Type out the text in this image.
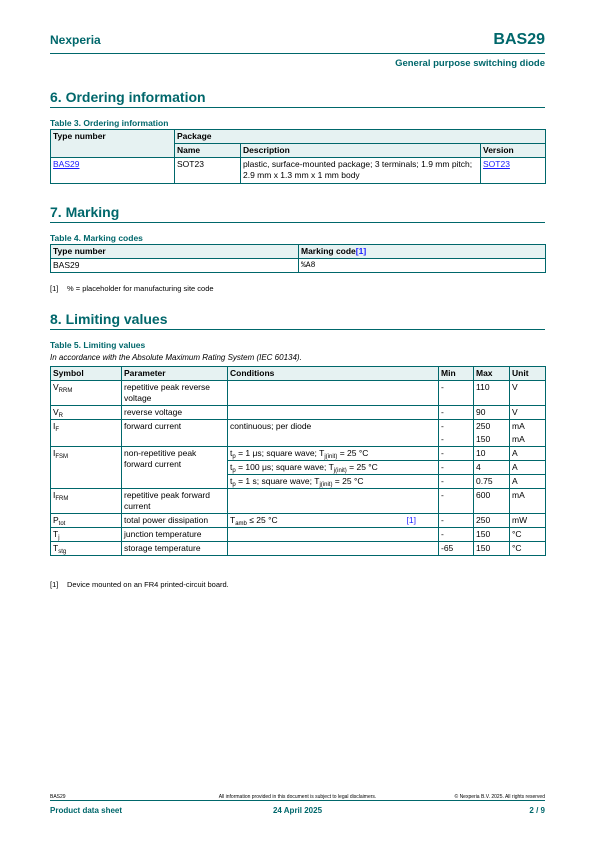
Nexperia	BAS29
General purpose switching diode
6. Ordering information
Table 3. Ordering information
Type number	Package		
	Name	Description	Version
BAS29	SOT23	plastic, surface-mounted package; 3 terminals; 1.9 mm pitch; 2.9 mm x 1.3 mm x 1 mm body	SOT23
7. Marking
Table 4. Marking codes
Type number	Marking code[1]
BAS29	%A8
[1] % = placeholder for manufacturing site code
8. Limiting values
Table 5. Limiting values
In accordance with the Absolute Maximum Rating System (IEC 60134).
Symbol	Parameter	Conditions	Min	Max	Unit
$V_{RRM}$	repetitive peak reverse voltage		-	110	V
$V_R$	reverse voltage		-	90	V
$I_F$	forward current	continuous; per diode	-	250	mA
			-	150	mA
$I_{FSM}$	non-repetitive peak forward current	$t_p = 1$ μs; square wave; $T_{j(init)} = 25$ °C	-	10	A
		$t_p = 100$ μs; square wave; $T_{j(init)} = 25$ °C	-	4	A
		$t_p = 1$ s; square wave; $T_{j(init)} = 25$ °C	-	0.75	A
$I_{FRM}$	repetitive peak forward current		-	600	mA
$P_{tot}$	total power dissipation	$T_{amb} \le 25$ °C [1]	-	250	mW
$T_j$	junction temperature		-	150	°C
$T_{stg}$	storage temperature		-65	150	°C
[1] Device mounted on an FR4 printed-circuit board.
BAS29	All information provided in this document is subject to legal disclaimers.	© Nexperia B.V. 2025. All rights reserved
Product data sheet	24 April 2025	2 / 9
